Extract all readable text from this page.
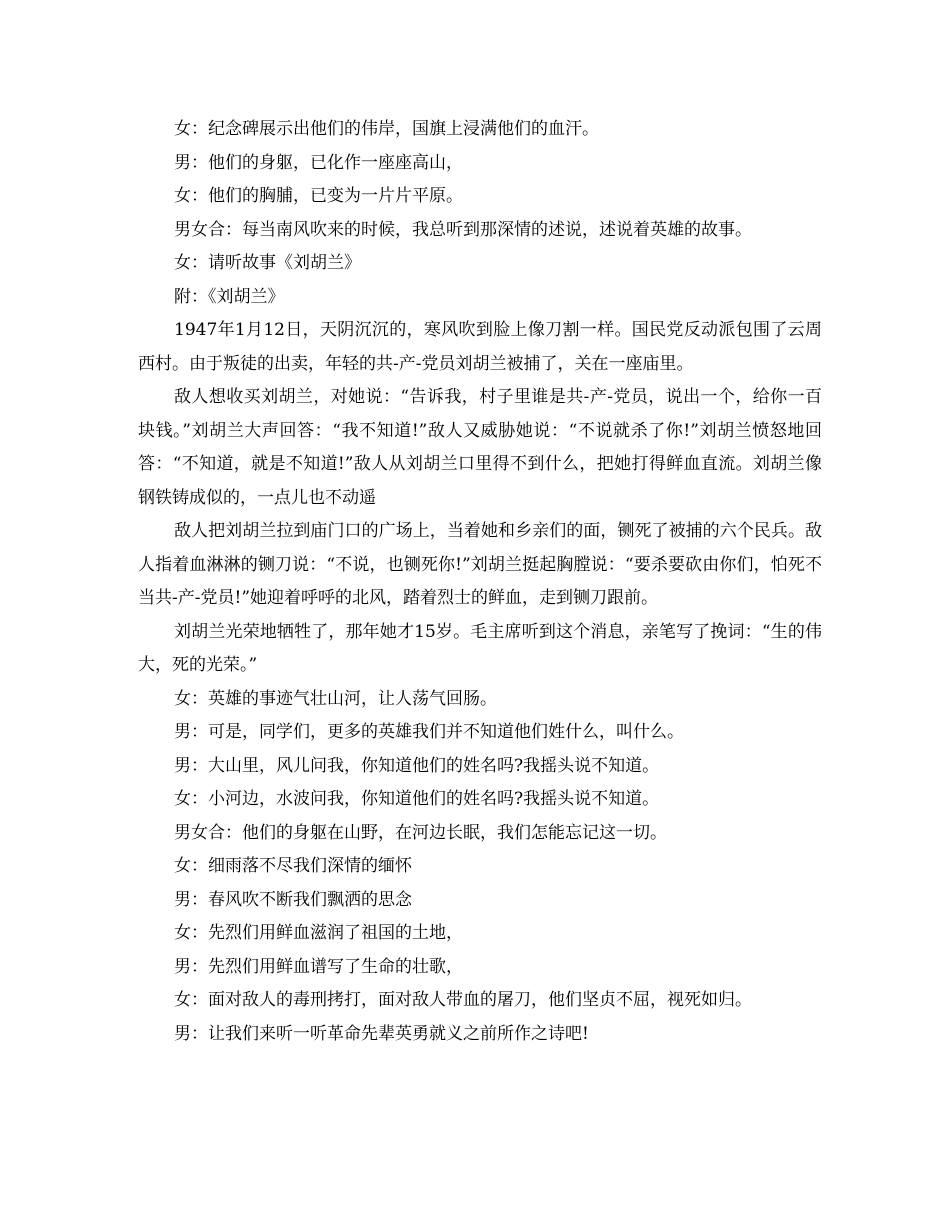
女：纪念碑展示出他们的伟岸，国旗上浸满他们的血汗。

男：他们的身躯，已化作一座座高山，

女：他们的胸脯，已变为一片片平原。

男女合：每当南风吹来的时候，我总听到那深情的述说，述说着英雄的故事。

女：请听故事《刘胡兰》

附：《刘胡兰》

1947年1月12日，天阴沉沉的，寒风吹到脸上像刀割一样。国民党反动派包围了云周西村。由于叛徒的出卖，年轻的共-产-党员刘胡兰被捕了，关在一座庙里。

敌人想收买刘胡兰，对她说：“告诉我，村子里谁是共-产-党员，说出一个，给你一百块钱。”刘胡兰大声回答：“我不知道!”敌人又威胁她说：“不说就杀了你!”刘胡兰愤怒地回答：“不知道，就是不知道!”敌人从刘胡兰口里得不到什么，把她打得鲜血直流。刘胡兰像钢铁铸成似的，一点儿也不动遥

敌人把刘胡兰拉到庙门口的广场上，当着她和乡亲们的面，铡死了被捕的六个民兵。敌人指着血淋淋的铡刀说：“不说，也铡死你!”刘胡兰挺起胸膛说：“要杀要砍由你们，怕死不当共-产-党员!”她迎着呼呼的北风，踏着烈士的鲜血，走到铡刀跟前。

刘胡兰光荣地牺牲了，那年她才15岁。毛主席听到这个消息，亲笔写了挽词：“生的伟大，死的光荣。”

女：英雄的事迹气壮山河，让人荡气回肠。

男：可是，同学们，更多的英雄我们并不知道他们姓什么，叫什么。

男：大山里，风儿问我，你知道他们的姓名吗?我摇头说不知道。

女：小河边，水波问我，你知道他们的姓名吗?我摇头说不知道。

男女合：他们的身躯在山野，在河边长眠，我们怎能忘记这一切。

女：细雨落不尽我们深情的缅怀

男：春风吹不断我们飘洒的思念

女：先烈们用鲜血滋润了祖国的土地，

男：先烈们用鲜血谱写了生命的壮歌，

女：面对敌人的毒刑拷打，面对敌人带血的屠刀，他们坚贞不屈，视死如归。

男：让我们来听一听革命先辈英勇就义之前所作之诗吧!
